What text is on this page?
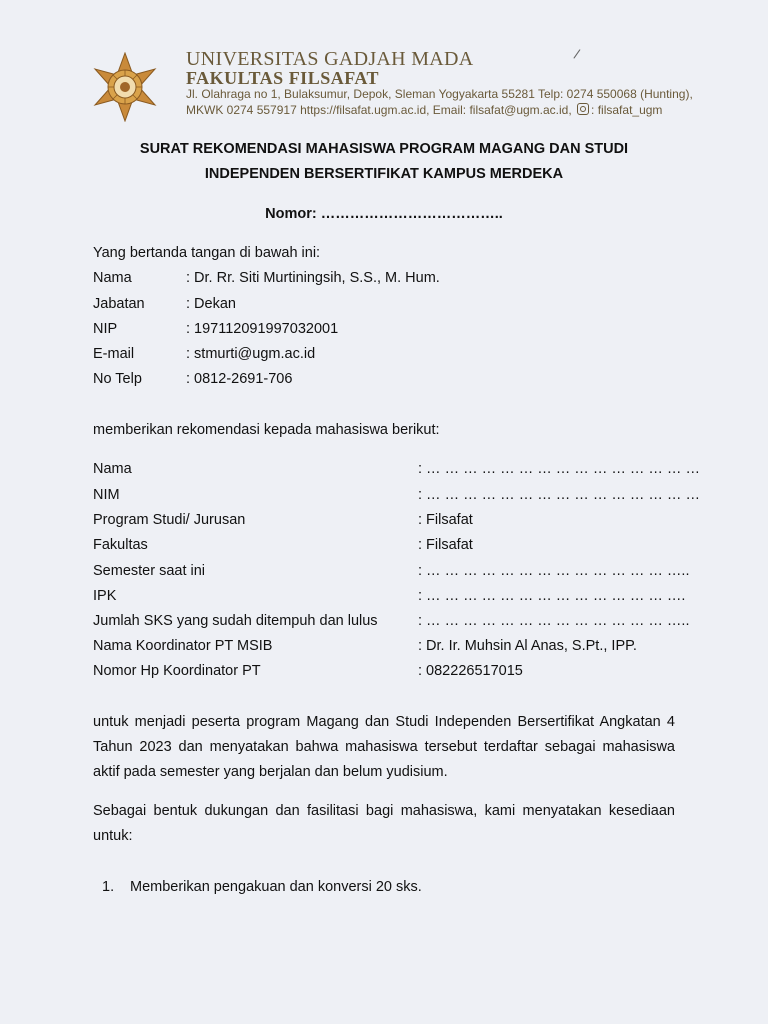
UNIVERSITAS GADJAH MADA
FAKULTAS FILSAFAT
Jl. Olahraga no 1, Bulaksumur, Depok, Sleman Yogyakarta 55281 Telp: 0274 550068 (Hunting),
MKWK 0274 557917 https://filsafat.ugm.ac.id, Email: filsafat@ugm.ac.id, : filsafat_ugm
/
SURAT REKOMENDASI MAHASISWA PROGRAM MAGANG DAN STUDI
INDEPENDEN BERSERTIFIKAT KAMPUS MERDEKA
Nomor: ………………………………..
Yang bertanda tangan di bawah ini:
Nama	: Dr. Rr. Siti Murtiningsih, S.S., M. Hum.
Jabatan	: Dekan
NIP	: 197112091997032001
E-mail	: stmurti@ugm.ac.id
No Telp	: 0812-2691-706
memberikan rekomendasi kepada mahasiswa berikut:
Nama	: … … … … … … … … … … … … … … …
NIM	: … … … … … … … … … … … … … … …
Program Studi/ Jurusan	: Filsafat
Fakultas	: Filsafat
Semester saat ini	: … … … … … … … … … … … … … …..
IPK	: … … … … … … … … … … … … … ….
Jumlah SKS yang sudah ditempuh dan lulus	: … … … … … … … … … … … … … …..
Nama Koordinator PT MSIB	: Dr. Ir. Muhsin Al Anas, S.Pt., IPP.
Nomor Hp Koordinator PT	: 082226517015
untuk menjadi peserta program Magang dan Studi Independen Bersertifikat Angkatan 4 Tahun 2023 dan menyatakan bahwa mahasiswa tersebut terdaftar sebagai mahasiswa aktif pada semester yang berjalan dan belum yudisium.
Sebagai bentuk dukungan dan fasilitasi bagi mahasiswa, kami menyatakan kesediaan untuk:
1. Memberikan pengakuan dan konversi 20 sks.
